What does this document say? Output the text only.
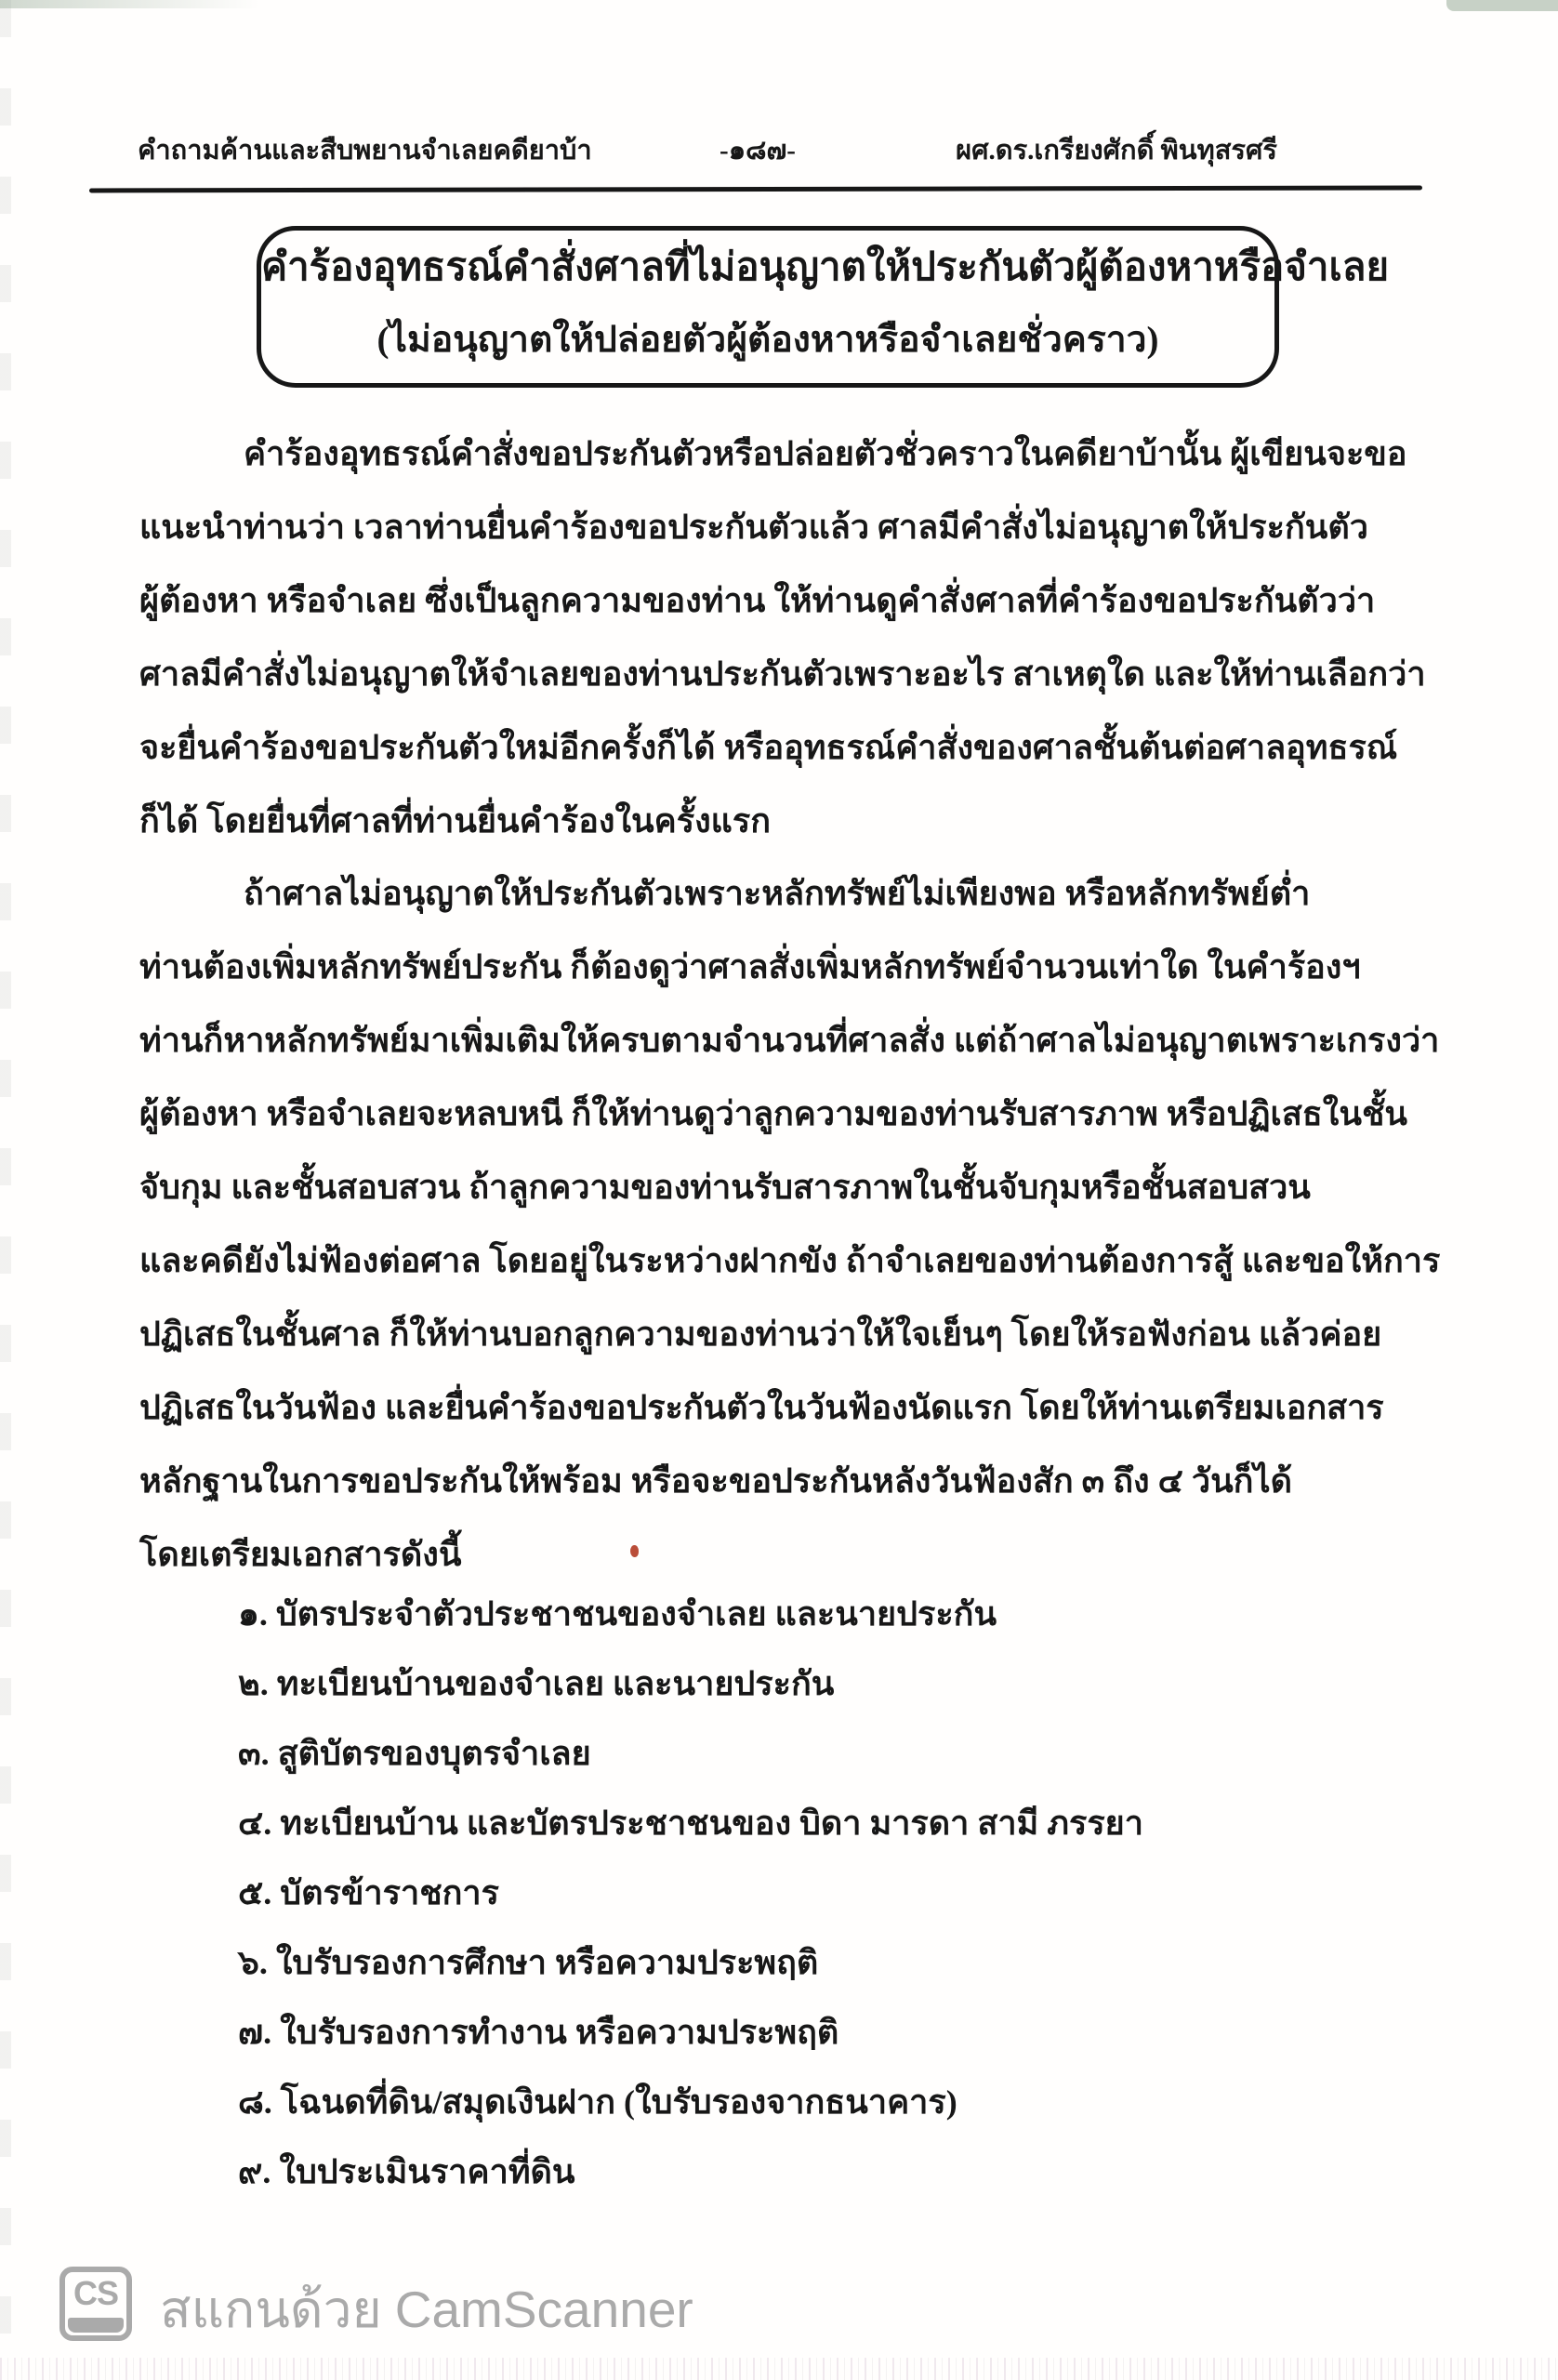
คำถามค้านและสืบพยานจำเลยคดียาบ้า	-๑๘๗-	ผศ.ดร.เกรียงศักดิ์ พินทุสรศรี
คำร้องอุทธรณ์คำสั่งศาลที่ไม่อนุญาตให้ประกันตัวผู้ต้องหาหรือจำเลย
(ไม่อนุญาตให้ปล่อยตัวผู้ต้องหาหรือจำเลยชั่วคราว)
คำร้องอุทธรณ์คำสั่งขอประกันตัวหรือปล่อยตัวชั่วคราวในคดียาบ้านั้น ผู้เขียนจะขอ
แนะนำท่านว่า เวลาท่านยื่นคำร้องขอประกันตัวแล้ว ศาลมีคำสั่งไม่อนุญาตให้ประกันตัว
ผู้ต้องหา หรือจำเลย ซึ่งเป็นลูกความของท่าน ให้ท่านดูคำสั่งศาลที่คำร้องขอประกันตัวว่า
ศาลมีคำสั่งไม่อนุญาตให้จำเลยของท่านประกันตัวเพราะอะไร สาเหตุใด และให้ท่านเลือกว่า
จะยื่นคำร้องขอประกันตัวใหม่อีกครั้งก็ได้ หรืออุทธรณ์คำสั่งของศาลชั้นต้นต่อศาลอุทธรณ์
ก็ได้ โดยยื่นที่ศาลที่ท่านยื่นคำร้องในครั้งแรก
ถ้าศาลไม่อนุญาตให้ประกันตัวเพราะหลักทรัพย์ไม่เพียงพอ หรือหลักทรัพย์ต่ำ
ท่านต้องเพิ่มหลักทรัพย์ประกัน ก็ต้องดูว่าศาลสั่งเพิ่มหลักทรัพย์จำนวนเท่าใด ในคำร้องฯ
ท่านก็หาหลักทรัพย์มาเพิ่มเติมให้ครบตามจำนวนที่ศาลสั่ง แต่ถ้าศาลไม่อนุญาตเพราะเกรงว่า
ผู้ต้องหา หรือจำเลยจะหลบหนี ก็ให้ท่านดูว่าลูกความของท่านรับสารภาพ หรือปฏิเสธในชั้น
จับกุม และชั้นสอบสวน ถ้าลูกความของท่านรับสารภาพในชั้นจับกุมหรือชั้นสอบสวน
และคดียังไม่ฟ้องต่อศาล โดยอยู่ในระหว่างฝากขัง ถ้าจำเลยของท่านต้องการสู้ และขอให้การ
ปฏิเสธในชั้นศาล ก็ให้ท่านบอกลูกความของท่านว่าให้ใจเย็นๆ โดยให้รอฟังก่อน แล้วค่อย
ปฏิเสธในวันฟ้อง และยื่นคำร้องขอประกันตัวในวันฟ้องนัดแรก โดยให้ท่านเตรียมเอกสาร
หลักฐานในการขอประกันให้พร้อม หรือจะขอประกันหลังวันฟ้องสัก ๓ ถึง ๔ วันก็ได้
โดยเตรียมเอกสารดังนี้
๑. บัตรประจำตัวประชาชนของจำเลย และนายประกัน
๒. ทะเบียนบ้านของจำเลย และนายประกัน
๓. สูติบัตรของบุตรจำเลย
๔. ทะเบียนบ้าน และบัตรประชาชนของ บิดา มารดา สามี ภรรยา
๕. บัตรข้าราชการ
๖. ใบรับรองการศึกษา หรือความประพฤติ
๗. ใบรับรองการทำงาน หรือความประพฤติ
๘. โฉนดที่ดิน/สมุดเงินฝาก (ใบรับรองจากธนาคาร)
๙. ใบประเมินราคาที่ดิน
CS สแกนด้วย CamScanner
